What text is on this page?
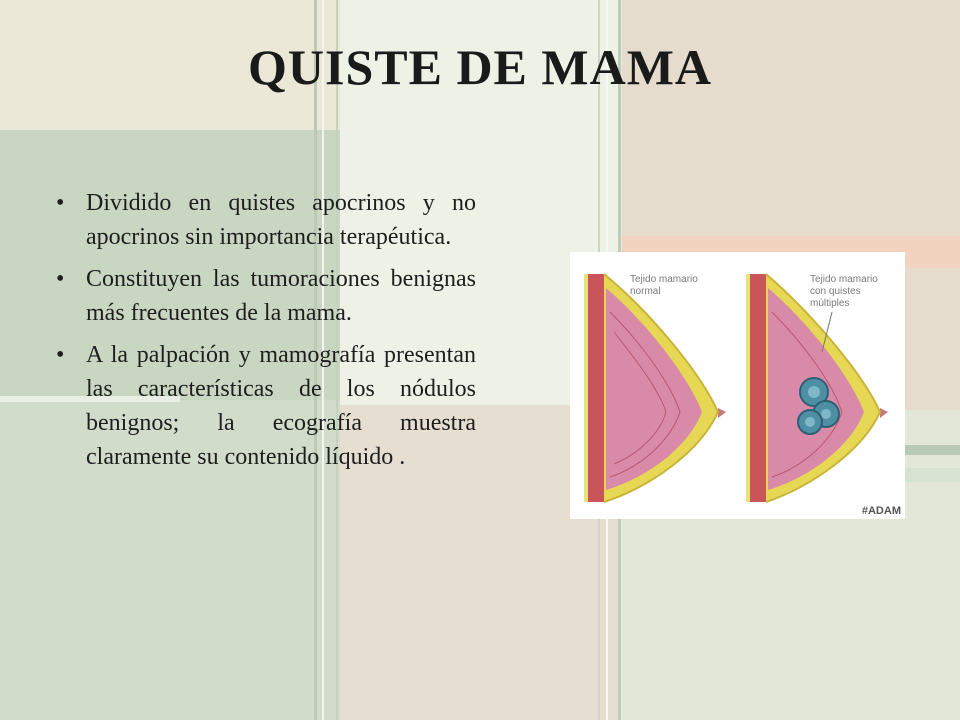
QUISTE DE MAMA
• Dividido en quistes apocrinos y no apocrinos sin importancia terapéutica.
• Constituyen las tumoraciones benignas más frecuentes de la mama.
• A la palpación y mamografía presentan las características de los nódulos benignos; la ecografía muestra claramente su contenido líquido .
Tejido mamario normal
Tejido mamario con quistes múltiples
#ADAM
